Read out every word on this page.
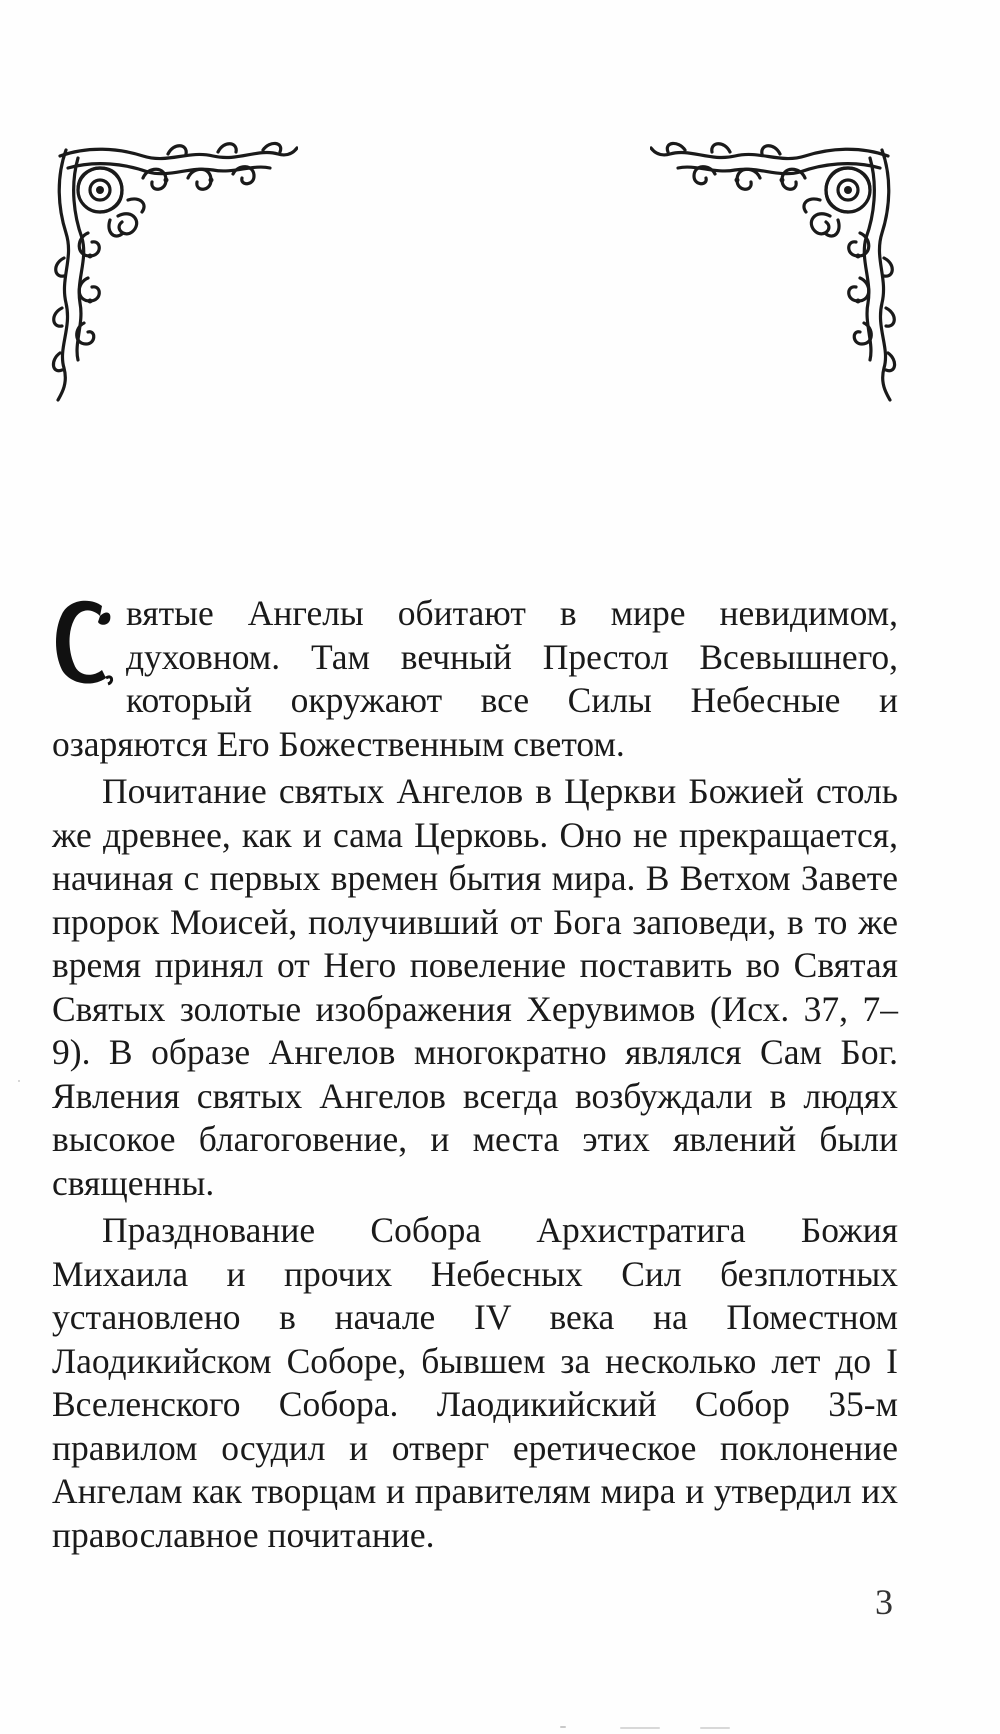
вятые Ангелы обитают в мире невидимом, духовном. Там вечный Престол Всевышнего, который окружают все Силы Небесные и озаряются Его Божественным светом.

Почитание святых Ангелов в Церкви Божией столь же древнее, как и сама Церковь. Оно не прекращается, начиная с первых времен бытия мира. В Ветхом Завете пророк Моисей, получивший от Бога заповеди, в то же время принял от Него повеление поставить во Святая Святых золотые изображения Херувимов (Исх. 37, 7–9). В образе Ангелов многократно являлся Сам Бог. Явления святых Ангелов всегда возбуждали в людях высокое благоговение, и места этих явлений были священны.

Празднование Собора Архистратига Божия Михаила и прочих Небесных Сил безплотных установлено в начале IV века на Поместном Лаодикийском Соборе, бывшем за несколько лет до I Вселенского Собора. Лаодикийский Собор 35-м правилом осудил и отверг еретическое поклонение Ангелам как творцам и правителям мира и утвердил их православное почитание.

3
